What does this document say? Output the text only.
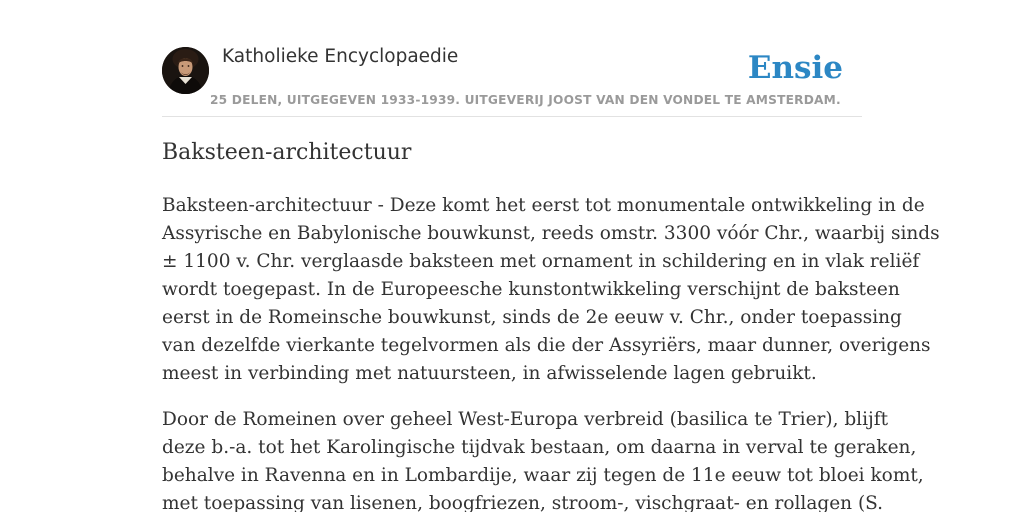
Katholieke Encyclopaedie
25 DELEN, UITGEGEVEN 1933-1939. UITGEVERIJ JOOST VAN DEN VONDEL TE AMSTERDAM.
Ensie
Baksteen-architectuur

Baksteen-architectuur - Deze komt het eerst tot monumentale ontwikkeling in de
Assyrische en Babylonische bouwkunst, reeds omstr. 3300 vóór Chr., waarbij sinds
± 1100 v. Chr. verglaasde baksteen met ornament in schildering en in vlak reliëf
wordt toegepast. In de Europeesche kunstontwikkeling verschijnt de baksteen
eerst in de Romeinsche bouwkunst, sinds de 2e eeuw v. Chr., onder toepassing
van dezelfde vierkante tegelvormen als die der Assyriërs, maar dunner, overigens
meest in verbinding met natuursteen, in afwisselende lagen gebruikt.

Door de Romeinen over geheel West-Europa verbreid (basilica te Trier), blijft
deze b.-a. tot het Karolingische tijdvak bestaan, om daarna in verval te geraken,
behalve in Ravenna en in Lombardije, waar zij tegen de 11e eeuw tot bloei komt,
met toepassing van lisenen, boogfriezen, stroom-, vischgraat- en rollagen (S.
